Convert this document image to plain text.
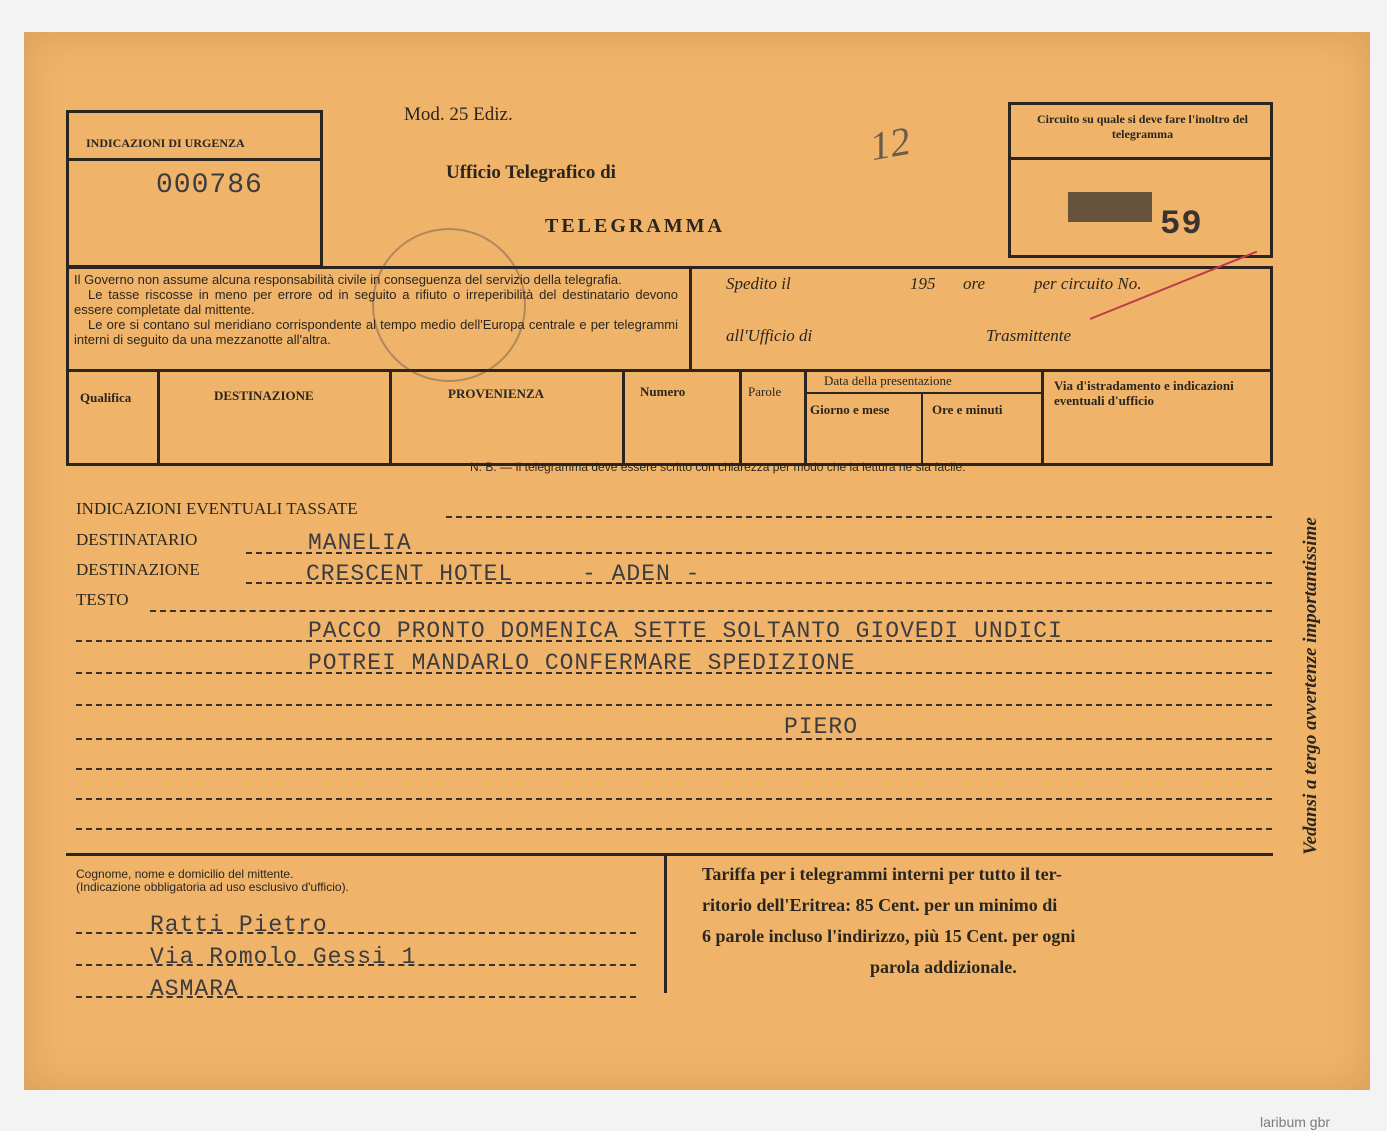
INDICAZIONI DI URGENZA
000786
Mod. 25 Ediz.
Ufficio Telegrafico di
TELEGRAMMA
12	Circuito su quale si deve fare l'inoltro del telegramma
59
Il Governo non assume alcuna responsabilità civile in conseguenza del servizio della telegrafia.
Le tasse riscosse in meno per errore od in seguito a rifiuto o irreperibilità del destinatario devono essere completate dal mittente.
Le ore si contano sul meridiano corrispondente al tempo medio dell'Europa centrale e per telegrammi interni di seguito da una mezzanotte all'altra.
Spedito il	195 ore	per circuito No.
all'Ufficio di	Trasmittente
Qualifica	DESTINAZIONE	PROVENIENZA	Numero	Parole
Data della presentazione
Giorno e mese	Ore e minuti
Via d'istradamento e indicazioni eventuali d'ufficio
N. B. — Il telegramma deve essere scritto con chiarezza per modo che la lettura ne sia facile.
INDICAZIONI EVENTUALI TASSATE
DESTINATARIO	MANELIA
DESTINAZIONE	CRESCENT HOTEL	- ADEN -
TESTO
PACCO PRONTO DOMENICA SETTE SOLTANTO GIOVEDI UNDICI
POTREI MANDARLO CONFERMARE SPEDIZIONE
PIERO
Cognome, nome e domicilio del mittente.
(Indicazione obbligatoria ad uso esclusivo d'ufficio).
Ratti Pietro
Via Romolo Gessi 1
ASMARA
Tariffa per i telegrammi interni per tutto il ter-
ritorio dell'Eritrea: 85 Cent. per un minimo di
6 parole incluso l'indirizzo, più 15 Cent. per ogni
parola addizionale.
Vedansi a tergo avvertenze importantissime
laribum gbr
